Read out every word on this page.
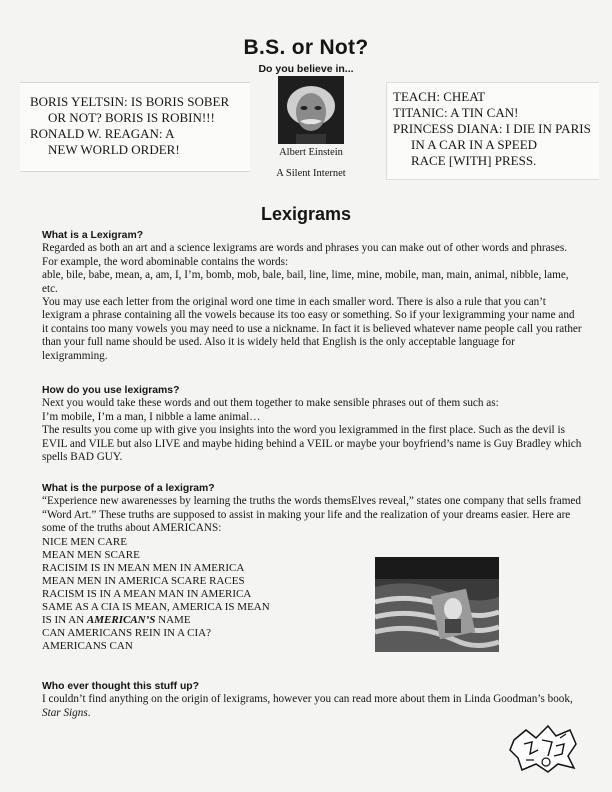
B.S. or Not?
Do you believe in...
BORIS YELTSIN: IS BORIS SOBER
OR NOT? BORIS IS ROBIN!!!
RONALD W. REAGAN: A
NEW WORLD ORDER!	Albert Einstein
A Silent Internet
TEACH: CHEAT
TITANIC: A TIN CAN!
PRINCESS DIANA: I DIE IN PARIS
IN A CAR IN A SPEED
RACE [WITH] PRESS.
Lexigrams
What is a Lexigram?

Regarded as both an art and a science lexigrams are words and phrases you can make out of other words and phrases. For example, the word abominable contains the words:

able, bile, babe, mean, a, am, I, I’m, bomb, mob, bale, bail, line, lime, mine, mobile, man, main, animal, nibble, lame, etc.

You may use each letter from the original word one time in each smaller word. There is also a rule that you can’t lexigram a phrase containing all the vowels because its too easy or something. So if your lexigramming your name and it contains too many vowels you may need to use a nickname. In fact it is believed whatever name people call you rather than your full name should be used. Also it is widely held that English is the only acceptable language for lexigramming.

How do you use lexigrams?

Next you would take these words and out them together to make sensible phrases out of them such as:

I’m mobile, I’m a man, I nibble a lame animal…

The results you come up with give you insights into the word you lexigrammed in the first place. Such as the devil is EVIL and VILE but also LIVE and maybe hiding behind a VEIL or maybe your boyfriend’s name is Guy Bradley which spells BAD GUY.

What is the purpose of a lexigram?

“Experience new awarenesses by learning the truths the words themsElves reveal,” states one company that sells framed “Word Art.” These truths are supposed to assist in making your life and the realization of your dreams easier. Here are some of the truths about AMERICANS:

NICE MEN CARE
MEAN MEN SCARE
RACISIM IS IN MEAN MEN IN AMERICA
MEAN MEN IN AMERICA SCARE RACES
RACISM IS IN A MEAN MAN IN AMERICA
SAME AS A CIA IS MEAN, AMERICA IS MEAN
IS IN AN AMERICAN’S NAME
CAN AMERICANS REIN IN A CIA?
AMERICANS CAN
Who ever thought this stuff up?

I couldn’t find anything on the origin of lexigrams, however you can read more about them in Linda Goodman’s book, Star Signs.
